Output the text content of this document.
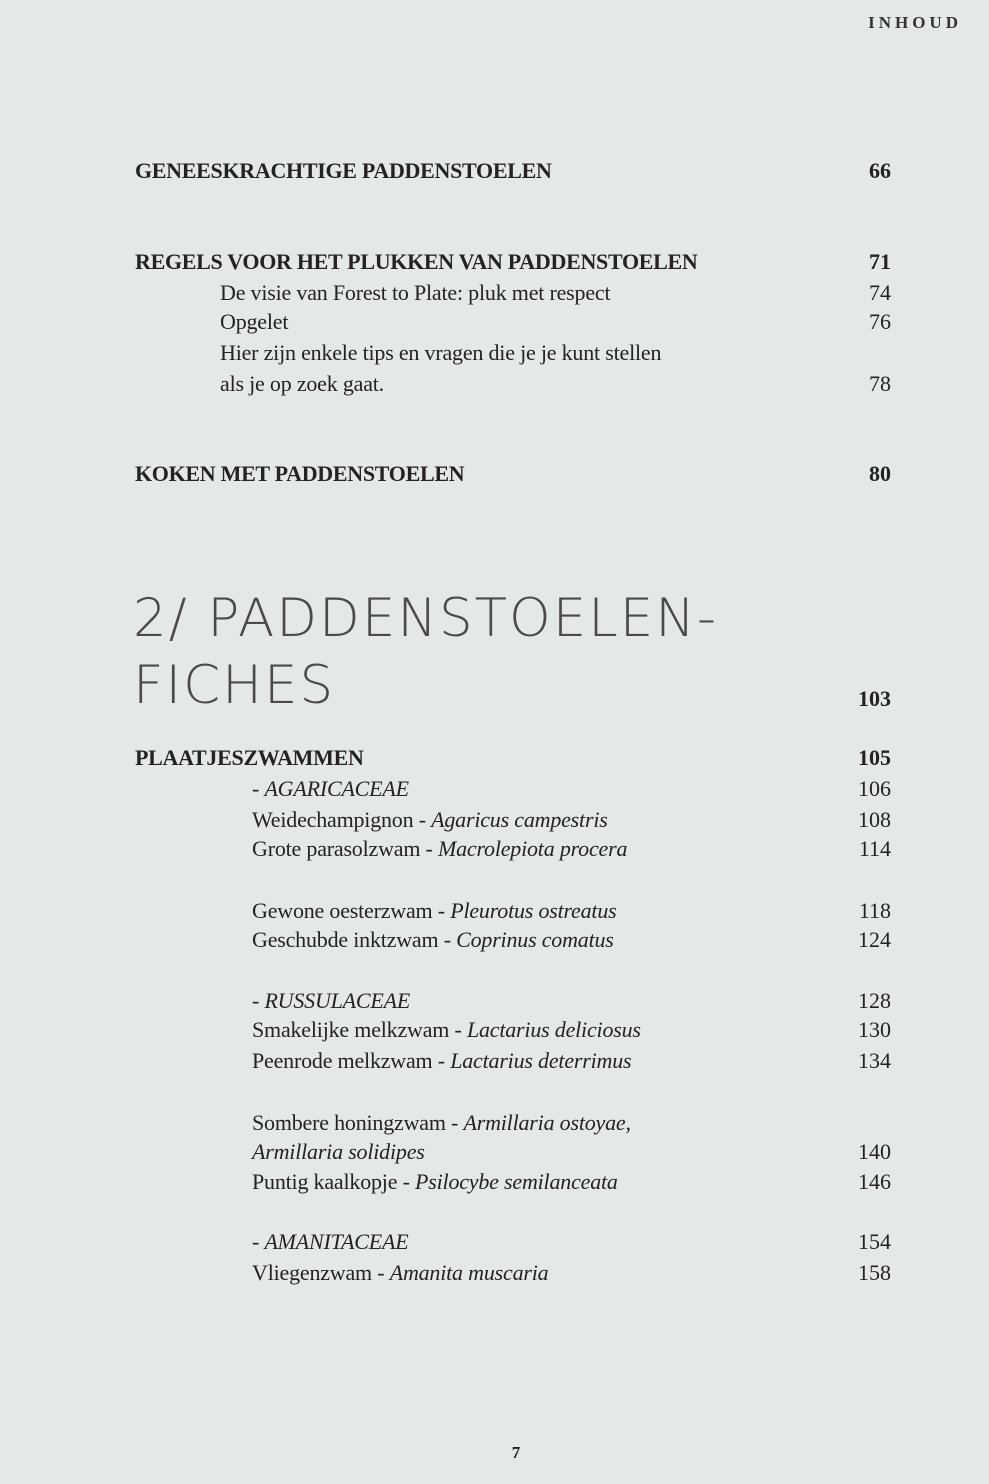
INHOUD
GENEESKRACHTIGE PADDENSTOELEN	66
REGELS VOOR HET PLUKKEN VAN PADDENSTOELEN	71
De visie van Forest to Plate: pluk met respect	74
Opgelet	76
Hier zijn enkele tips en vragen die je je kunt stellen
als je op zoek gaat.	78
KOKEN MET PADDENSTOELEN	80
2/ PADDENSTOELEN-
FICHES	103
PLAATJESZWAMMEN	105
- AGARICACEAE	106
Weidechampignon - Agaricus campestris	108
Grote parasolzwam - Macrolepiota procera	114
Gewone oesterzwam - Pleurotus ostreatus	118
Geschubde inktzwam - Coprinus comatus	124
- RUSSULACEAE	128
Smakelijke melkzwam - Lactarius deliciosus	130
Peenrode melkzwam - Lactarius deterrimus	134
Sombere honingzwam - Armillaria ostoyae,
Armillaria solidipes	140
Puntig kaalkopje - Psilocybe semilanceata	146
- AMANITACEAE	154
Vliegenzwam - Amanita muscaria	158
7
